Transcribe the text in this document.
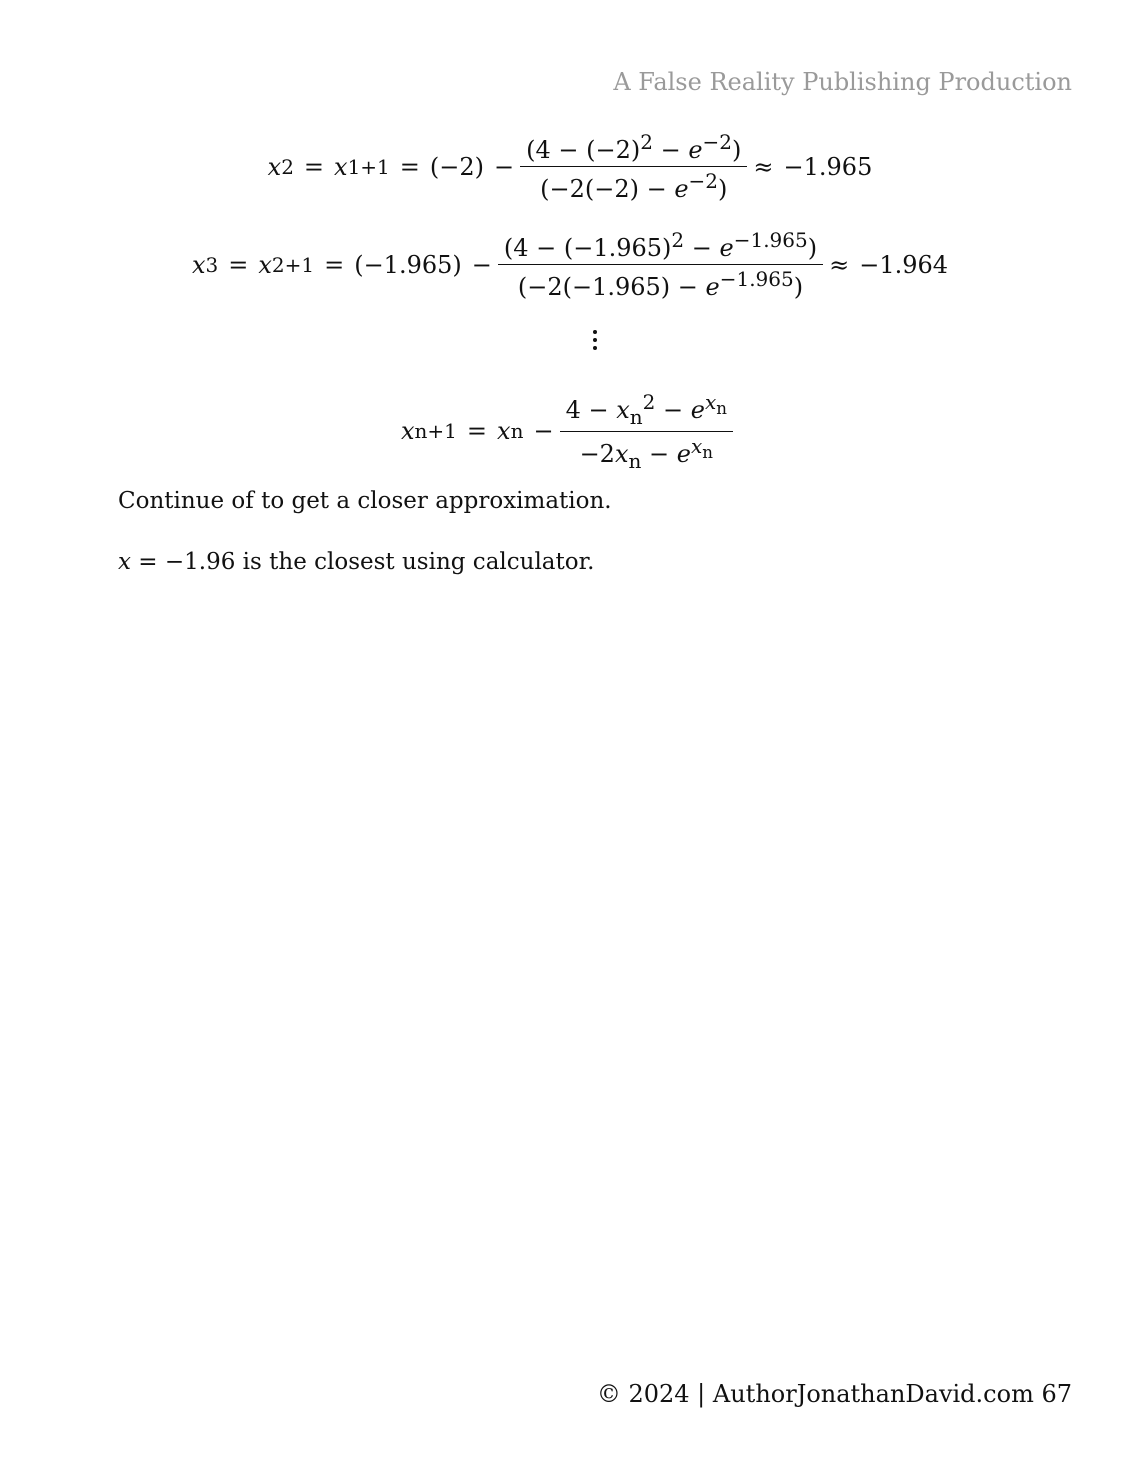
A False Reality Publishing Production
x 2 = x $1+1 = (-2) - \frac{(4 - (-2)^2 - e^{-2})}{(-2(-2) - e^{-2})} \approx -1.965$
x 3 = x $2+1 = (-1.965) - \frac{(4 - (-1.965)^2 - e^{-1.965})}{(-2(-1.965) - e^{-1.965})} \approx -1.964$
x n+1 = x $n - \frac{4 - x_n^2 - e^{x_n}}{-2x_n - e^{x_n}}$
Continue of to get a closer approximation.
x = −1.96 is the closest using calculator.
© 2024 | AuthorJonathanDavid.com 67
